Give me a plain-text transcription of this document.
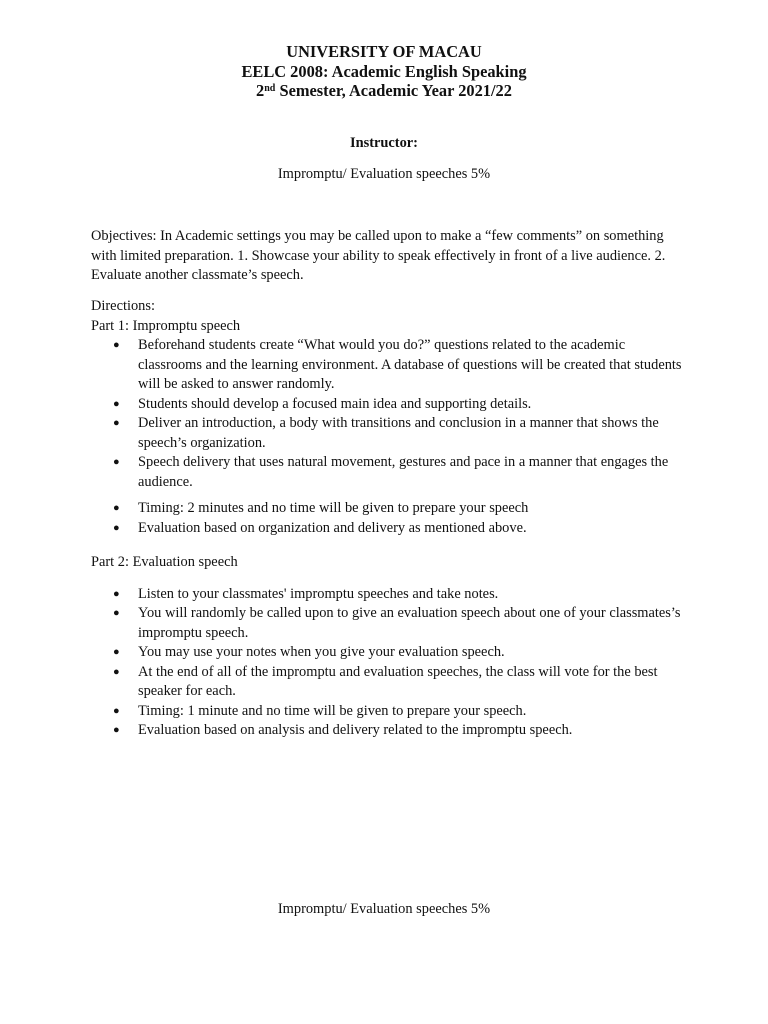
UNIVERSITY OF MACAU
EELC 2008: Academic English Speaking
2nd Semester, Academic Year 2021/22
Instructor:
Impromptu/ Evaluation speeches 5%
Objectives: In Academic settings you may be called upon to make a “few comments” on something with limited preparation. 1. Showcase your ability to speak effectively in front of a live audience. 2. Evaluate another classmate’s speech.
Directions:
Part 1: Impromptu speech
● Beforehand students create “What would you do?” questions related to the academic classrooms and the learning environment. A database of questions will be created that students will be asked to answer randomly.
● Students should develop a focused main idea and supporting details.
● Deliver an introduction, a body with transitions and conclusion in a manner that shows the speech’s organization.
● Speech delivery that uses natural movement, gestures and pace in a manner that engages the audience.
● Timing: 2 minutes and no time will be given to prepare your speech
● Evaluation based on organization and delivery as mentioned above.
Part 2: Evaluation speech
● Listen to your classmates' impromptu speeches and take notes.
● You will randomly be called upon to give an evaluation speech about one of your classmates’s impromptu speech.
● You may use your notes when you give your evaluation speech.
● At the end of all of the impromptu and evaluation speeches, the class will vote for the best speaker for each.
● Timing: 1 minute and no time will be given to prepare your speech.
● Evaluation based on analysis and delivery related to the impromptu speech.
Impromptu/ Evaluation speeches 5%
